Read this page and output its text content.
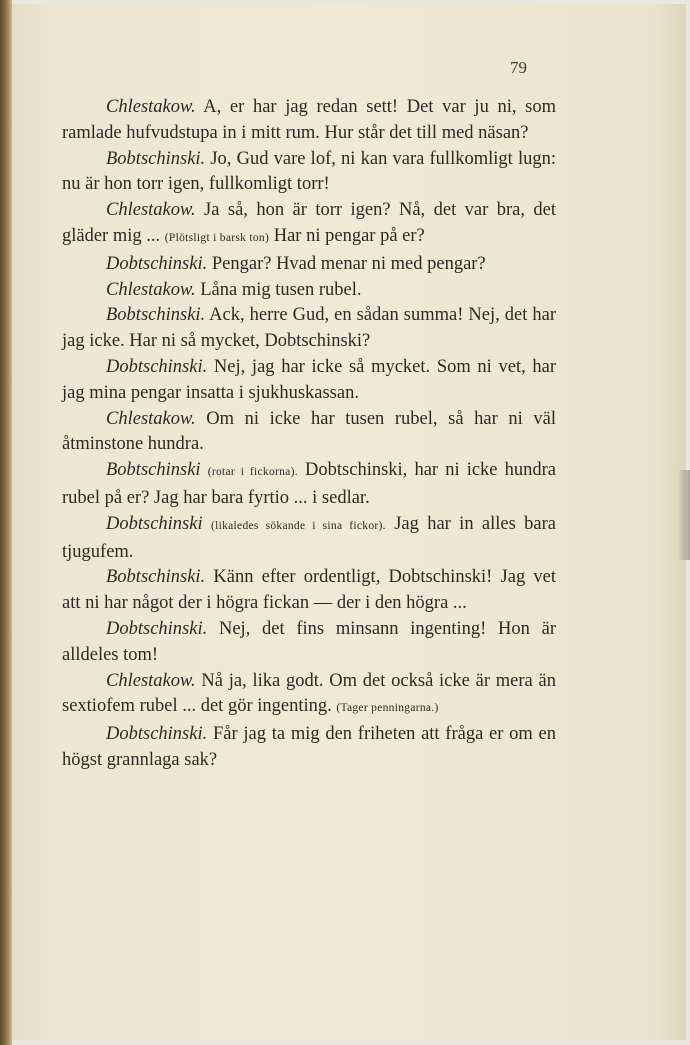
79

Chlestakow. A, er har jag redan sett! Det var ju ni, som ramlade hufvudstupa in i mitt rum. Hur står det till med näsan?

Bobtschinski. Jo, Gud vare lof, ni kan vara fullkomligt lugn: nu är hon torr igen, fullkomligt torr!

Chlestakow. Ja så, hon är torr igen? Nå, det var bra, det gläder mig ... (Plötsligt i barsk ton) Har ni pengar på er?

Dobtschinski. Pengar? Hvad menar ni med pengar?

Chlestakow. Låna mig tusen rubel.

Bobtschinski. Ack, herre Gud, en sådan summa! Nej, det har jag icke. Har ni så mycket, Dobtschinski?

Dobtschinski. Nej, jag har icke så mycket. Som ni vet, har jag mina pengar insatta i sjukhuskassan.

Chlestakow. Om ni icke har tusen rubel, så har ni väl åtminstone hundra.

Bobtschinski (rotar i fickorna). Dobtschinski, har ni icke hundra rubel på er? Jag har bara fyrtio ... i sedlar.

Dobtschinski (likaledes sökande i sina fickor). Jag har in alles bara tjugufem.

Bobtschinski. Känn efter ordentligt, Dobtschinski! Jag vet att ni har något der i högra fickan — der i den högra ...

Dobtschinski. Nej, det fins minsann ingenting! Hon är alldeles tom!

Chlestakow. Nå ja, lika godt. Om det också icke är mera än sextiofem rubel ... det gör ingenting. (Tager penningarna.)

Dobtschinski. Får jag ta mig den friheten att fråga er om en högst grannlaga sak?
